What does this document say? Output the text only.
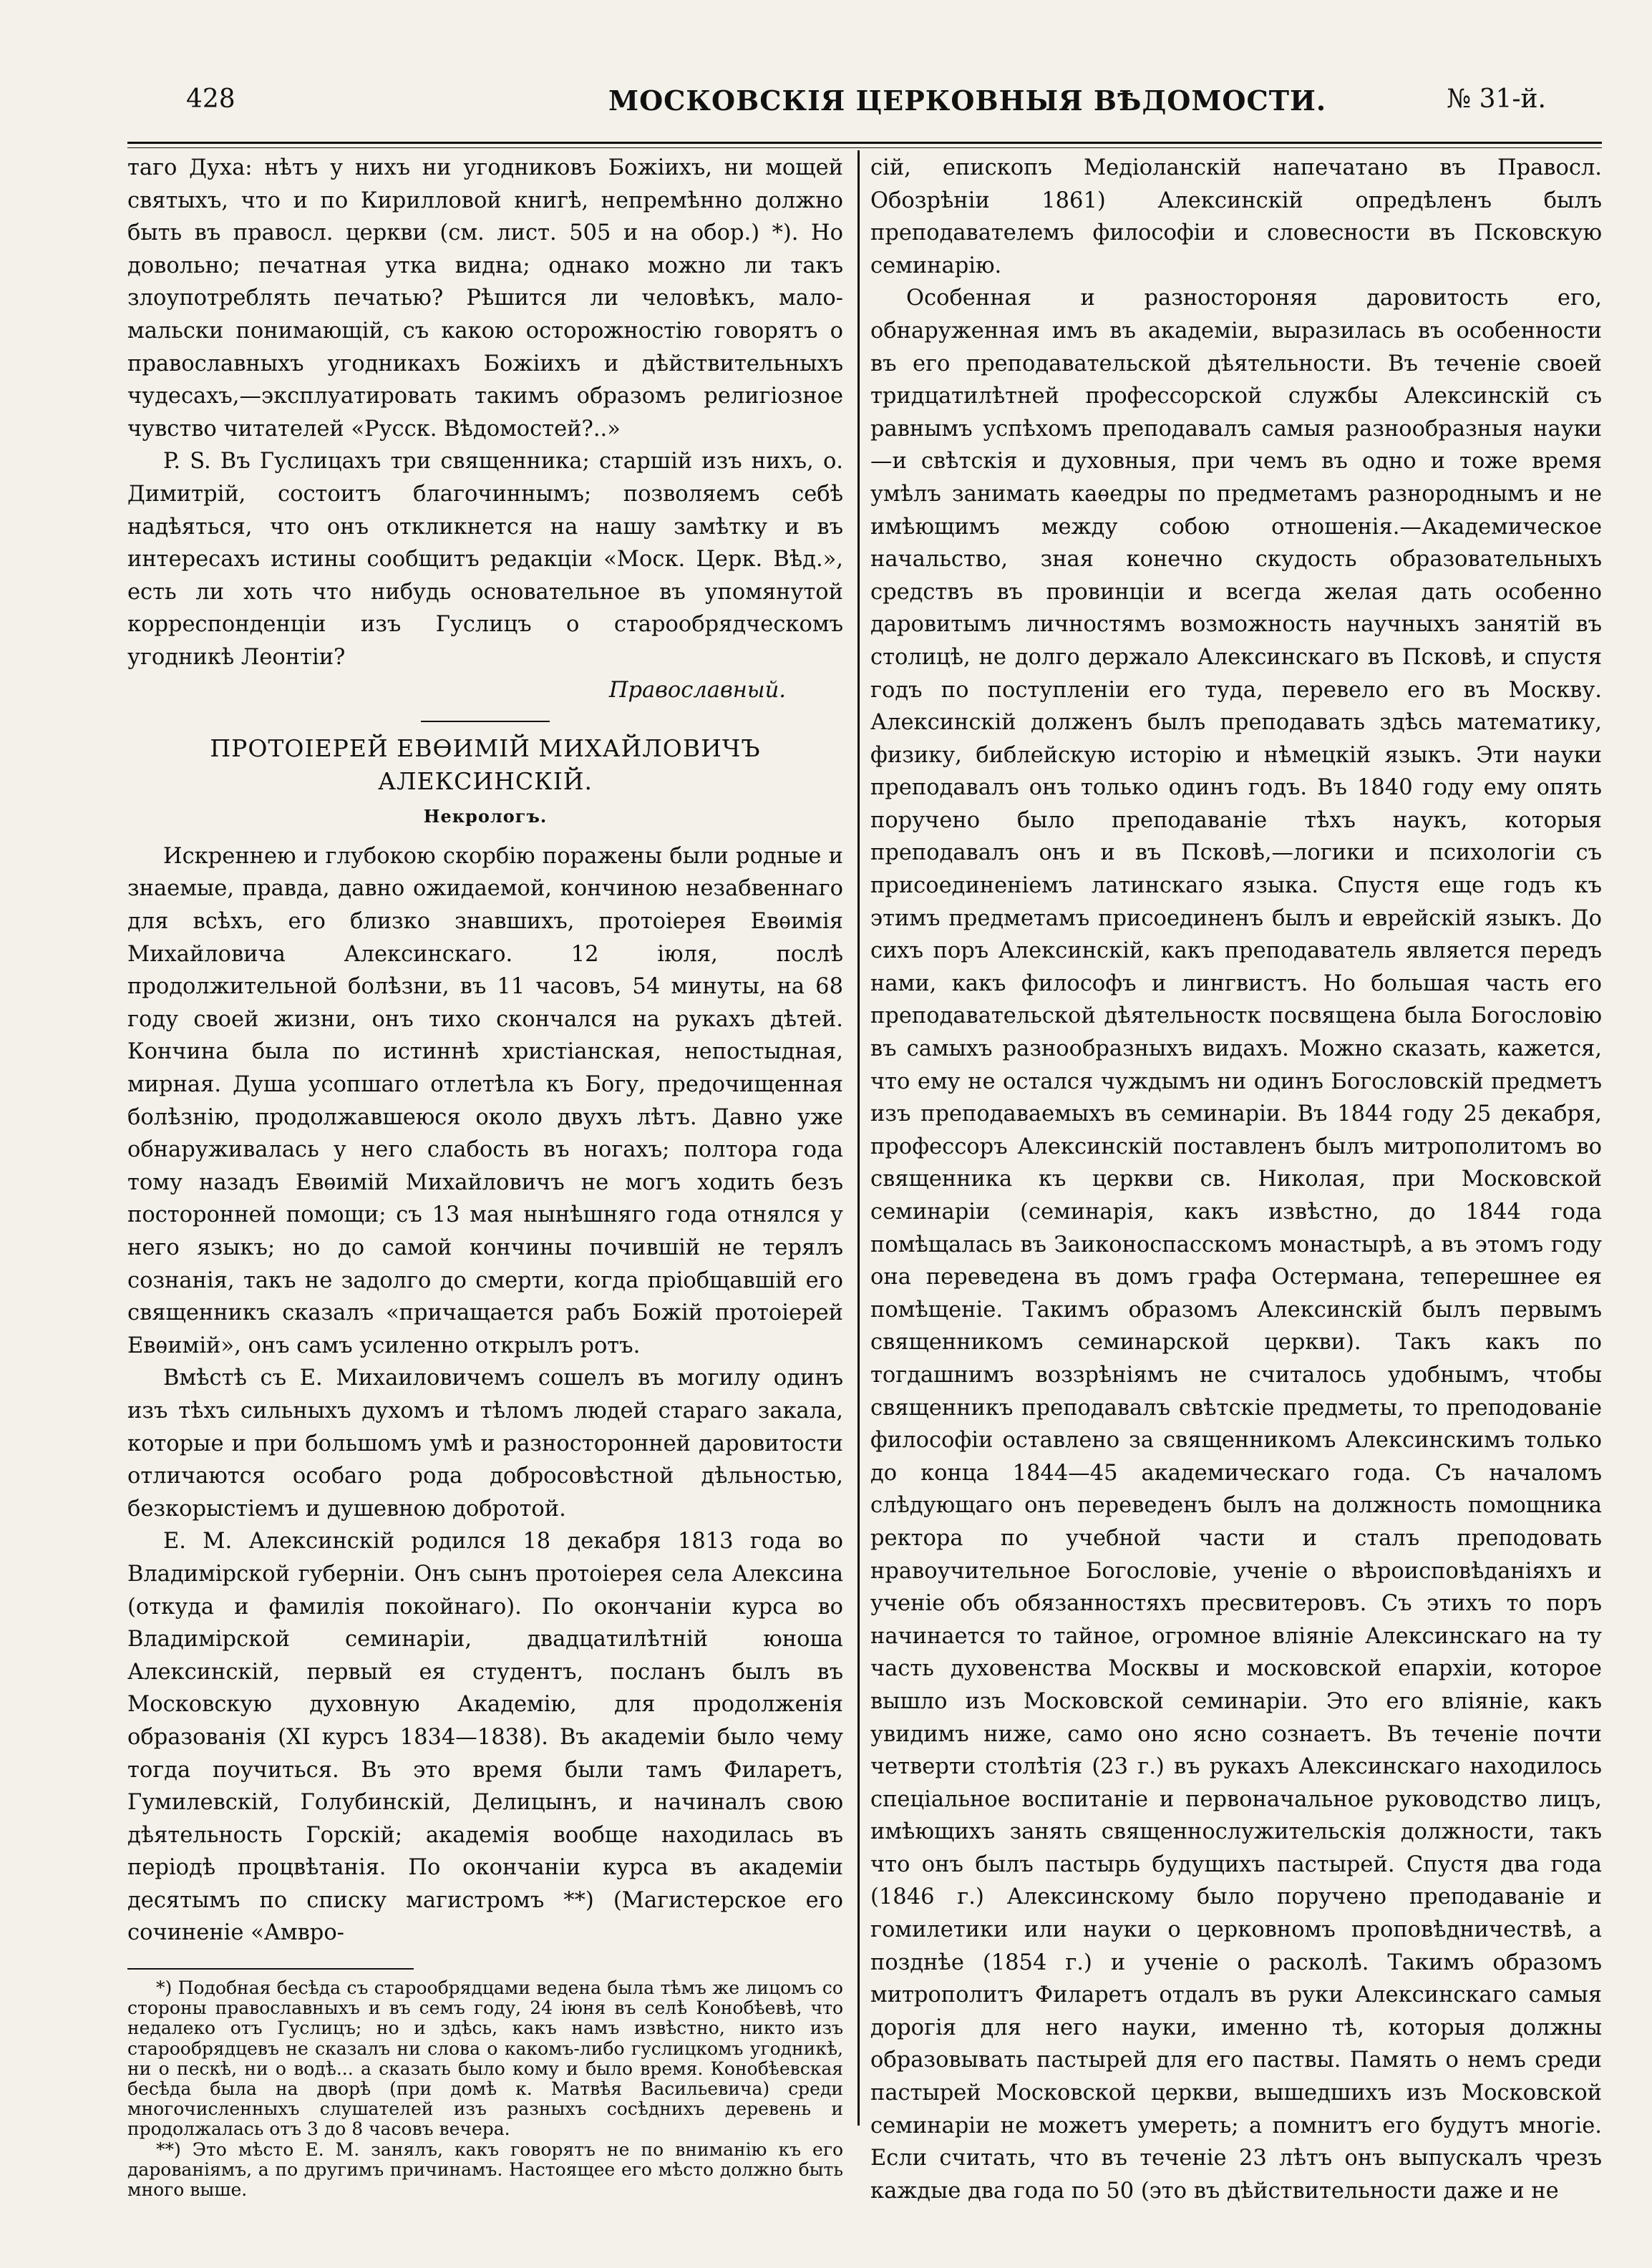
428	МОСКОВСКІЯ ЦЕРКОВНЫЯ ВѢДОМОСТИ.	№ 31-й.

таго Духа: нѣтъ у нихъ ни угодниковъ Божіихъ, ни мощей святыхъ, что и по Кирилловой книгѣ, непремѣнно должно быть въ правосл. церкви (см. лист. 505 и на обор.) *). Но довольно; печатная утка видна; однако можно ли такъ злоупотреблять печатью? Рѣшится ли человѣкъ, мало-мальски понимающій, съ какою осторожностію говорятъ о православныхъ угодникахъ Божіихъ и дѣйствительныхъ чудесахъ,—эксплуатировать такимъ образомъ религіозное чувство читателей «Русск. Вѣдомостей?..»

P. S. Въ Гуслицахъ три священника; старшій изъ нихъ, о. Димитрій, состоитъ благочиннымъ; позволяемъ себѣ надѣяться, что онъ откликнется на нашу замѣтку и въ интересахъ истины сообщитъ редакціи «Моск. Церк. Вѣд.», есть ли хоть что нибудь основательное въ упомянутой корреспонденціи изъ Гуслицъ о старообрядческомъ угодникѣ Леонтіи?

Православный.

ПРОТОІЕРЕЙ ЕВѲИМІЙ МИХАЙЛОВИЧЪ АЛЕКСИНСКІЙ.
Некрологъ.

Искреннею и глубокою скорбію поражены были родные и знаемые, правда, давно ожидаемой, кончиною незабвеннаго для всѣхъ, его близко знавшихъ, протоіерея Евѳимія Михайловича Алексинскаго. 12 іюля, послѣ продолжительной болѣзни, въ 11 часовъ, 54 минуты, на 68 году своей жизни, онъ тихо скончался на рукахъ дѣтей. Кончина была по истиннѣ христіанская, непостыдная, мирная. Душа усопшаго отлетѣла къ Богу, предочищенная болѣзнію, продолжавшеюся около двухъ лѣтъ. Давно уже обнаруживалась у него слабость въ ногахъ; полтора года тому назадъ Евѳимій Михайловичъ не могъ ходить безъ посторонней помощи; съ 13 мая нынѣшняго года отнялся у него языкъ; но до самой кончины почившій не терялъ сознанія, такъ не задолго до смерти, когда пріобщавшій его священникъ сказалъ «причащается рабъ Божій протоіерей Евѳимій», онъ самъ усиленно открылъ ротъ.

Вмѣстѣ съ Е. Михаиловичемъ сошелъ въ могилу одинъ изъ тѣхъ сильныхъ духомъ и тѣломъ людей стараго закала, которые и при большомъ умѣ и разносторонней даровитости отличаются особаго рода добросовѣстной дѣльностью, безкорыстіемъ и душевною добротой.

Е. М. Алексинскій родился 18 декабря 1813 года во Владимірской губерніи. Онъ сынъ протоіерея села Алексина (откуда и фамилія покойнаго). По окончаніи курса во Владимірской семинаріи, двадцатилѣтній юноша Алексинскій, первый ея студентъ, посланъ былъ въ Московскую духовную Академію, для продолженія образованія (XI курсъ 1834—1838). Въ академіи было чему тогда поучиться. Въ это время были тамъ Филаретъ, Гумилевскій, Голубинскій, Делицынъ, и начиналъ свою дѣятельность Горскій; академія вообще находилась въ періодѣ процвѣтанія. По окончаніи курса въ академіи десятымъ по списку магистромъ **) (Магистерское его сочиненіе «Амвро-

*) Подобная бесѣда съ старообрядцами ведена была тѣмъ же лицомъ со стороны православныхъ и въ семъ году, 24 іюня въ селѣ Конобѣевѣ, что недалеко отъ Гуслицъ; но и здѣсь, какъ намъ извѣстно, никто изъ старообрядцевъ не сказалъ ни слова о какомъ-либо гуслицкомъ угодникѣ, ни о пескѣ, ни о водѣ... а сказать было кому и было время. Конобѣевская бесѣда была на дворѣ (при домѣ к. Матвѣя Васильевича) среди многочисленныхъ слушателей изъ разныхъ сосѣднихъ деревень и продолжалась отъ 3 до 8 часовъ вечера.

**) Это мѣсто Е. М. занялъ, какъ говорятъ не по вниманію къ его дарованіямъ, а по другимъ причинамъ. Настоящее его мѣсто должно быть много выше.

сій, епископъ Медіоланскій напечатано въ Правосл. Обозрѣніи 1861) Алексинскій опредѣленъ былъ преподавателемъ философіи и словесности въ Псковскую семинарію.

Особенная и разностороняя даровитость его, обнаруженная имъ въ академіи, выразилась въ особенности въ его преподавательской дѣятельности. Въ теченіе своей тридцатилѣтней профессорской службы Алексинскій съ равнымъ успѣхомъ преподавалъ самыя разнообразныя науки—и свѣтскія и духовныя, при чемъ въ одно и тоже время умѣлъ занимать каѳедры по предметамъ разнороднымъ и не имѣющимъ между собою отношенія.—Академическое начальство, зная конечно скудость образовательныхъ средствъ въ провинціи и всегда желая дать особенно даровитымъ личностямъ возможность научныхъ занятій въ столицѣ, не долго держало Алексинскаго въ Псковѣ, и спустя годъ по поступленіи его туда, перевело его въ Москву. Алексинскій долженъ былъ преподавать здѣсь математику, физику, библейскую исторію и нѣмецкій языкъ. Эти науки преподавалъ онъ только одинъ годъ. Въ 1840 году ему опять поручено было преподаваніе тѣхъ наукъ, которыя преподавалъ онъ и въ Псковѣ,—логики и психологіи съ присоединеніемъ латинскаго языка. Спустя еще годъ къ этимъ предметамъ присоединенъ былъ и еврейскій языкъ. До сихъ поръ Алексинскій, какъ преподаватель является передъ нами, какъ философъ и лингвистъ. Но большая часть его преподавательской дѣятельностк посвящена была Богословію въ самыхъ разнообразныхъ видахъ. Можно сказать, кажется, что ему не остался чуждымъ ни одинъ Богословскій предметъ изъ преподаваемыхъ въ семинаріи. Въ 1844 году 25 декабря, профессоръ Алексинскій поставленъ былъ митрополитомъ во священника къ церкви св. Николая, при Московской семинаріи (семинарія, какъ извѣстно, до 1844 года помѣщалась въ Заиконоспасскомъ монастырѣ, а въ этомъ году она переведена въ домъ графа Остермана, теперешнее ея помѣщеніе. Такимъ образомъ Алексинскій былъ первымъ священникомъ семинарской церкви). Такъ какъ по тогдашнимъ воззрѣніямъ не считалось удобнымъ, чтобы священникъ преподавалъ свѣтскіе предметы, то преподованіе философіи оставлено за священникомъ Алексинскимъ только до конца 1844—45 академическаго года. Съ началомъ слѣдующаго онъ переведенъ былъ на должность помощника ректора по учебной части и сталъ преподовать нравоучительное Богословіе, ученіе о вѣроисповѣданіяхъ и ученіе объ обязанностяхъ пресвитеровъ. Съ этихъ то поръ начинается то тайное, огромное вліяніе Алексинскаго на ту часть духовенства Москвы и московской епархіи, которое вышло изъ Московской семинаріи. Это его вліяніе, какъ увидимъ ниже, само оно ясно сознаетъ. Въ теченіе почти четверти столѣтія (23 г.) въ рукахъ Алексинскаго находилось спеціальное воспитаніе и первоначальное руководство лицъ, имѣющихъ занять священнослужительскія должности, такъ что онъ былъ пастырь будущихъ пастырей. Спустя два года (1846 г.) Алексинскому было поручено преподаваніе и гомилетики или науки о церковномъ проповѣдничествѣ, а позднѣе (1854 г.) и ученіе о расколѣ. Такимъ образомъ митрополитъ Филаретъ отдалъ въ руки Алексинскаго самыя дорогія для него науки, именно тѣ, которыя должны образовывать пастырей для его паствы. Память о немъ среди пастырей Московской церкви, вышедшихъ изъ Московской семинаріи не можетъ умереть; а помнитъ его будутъ многіе. Если считать, что въ теченіе 23 лѣтъ онъ выпускалъ чрезъ каждые два года по 50 (это въ дѣйствительности даже и не
